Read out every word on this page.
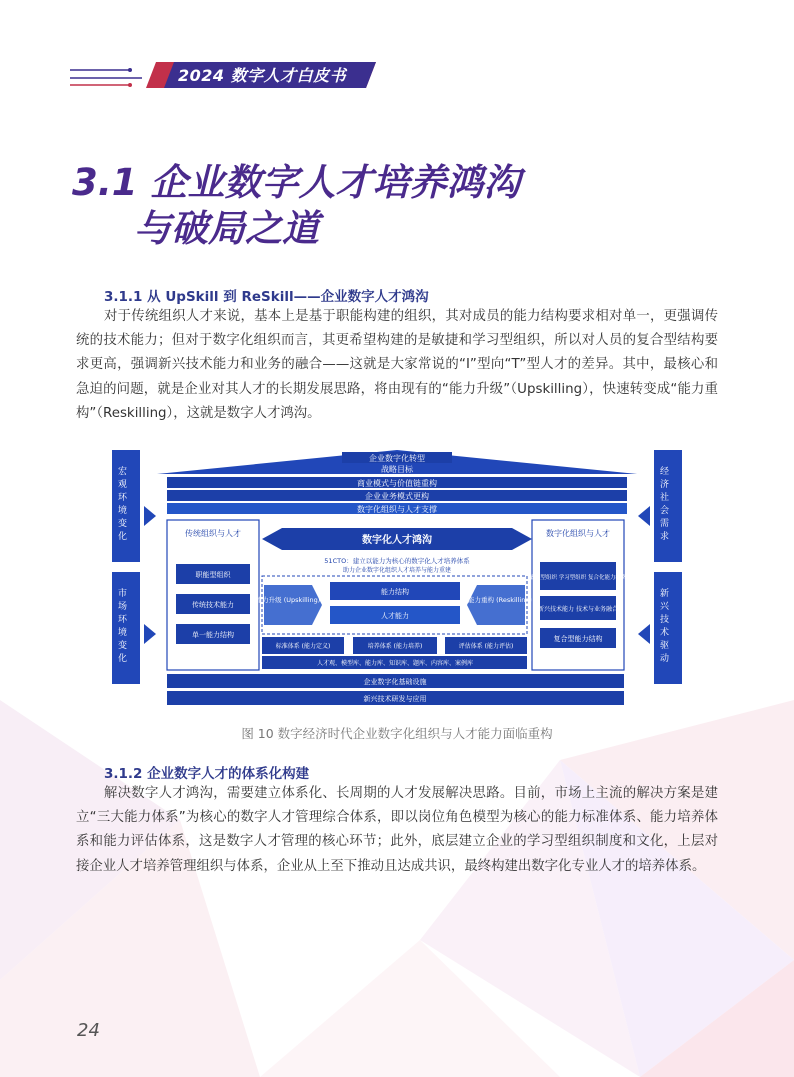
2024 数字人才白皮书
3.1 企业数字人才培养鸿沟
与破局之道
3.1.1 从 UpSkill 到 ReSkill——企业数字人才鸿沟

对于传统组织人才来说，基本上是基于职能构建的组织，其对成员的能力结构要求相对单一，更强调传统的技术能力；但对于数字化组织而言，其更希望构建的是敏捷和学习型组织，所以对人员的复合型结构要求更高，强调新兴技术能力和业务的融合——这就是大家常说的“I”型向“T”型人才的差异。其中，最核心和急迫的问题，就是企业对其人才的长期发展思路，将由现有的“能力升级”（Upskilling），快速转变成“能力重构”（Reskilling），这就是数字人才鸿沟。

企业数字化转型
战略目标
商业模式与价值链重构
企业业务模式更构
数字化组织与人才支撑
传统组织与人才
职能型组织
传统技术能力
单一能力结构
数字化组织与人才
敏捷型组织 学习型组织 复合化能力结构
新兴技术能力 技术与业务融合
复合型能力结构
数字化人才鸿沟
51CTO：建立以能力为核心的数字化人才培养体系
助力企业数字化组织人才培养与能力重建
能力升级 (Upskilling)	能力重构 (Reskilling)
能力结构
人才能力
标准体系 (能力定义)	培养体系 (能力培养)	评估体系 (能力评估)
人才观、模型库、能力库、知识库、题库、内容库、案例库
企业数字化基础设施
新兴技术研发与应用
宏观环境变化
市场环境变化
经济社会需求
新兴技术驱动
图 10 数字经济时代企业数字化组织与人才能力面临重构
3.1.2 企业数字人才的体系化构建

解决数字人才鸿沟，需要建立体系化、长周期的人才发展解决思路。目前，市场上主流的解决方案是建立“三大能力体系”为核心的数字人才管理综合体系，即以岗位角色模型为核心的能力标准体系、能力培养体系和能力评估体系，这是数字人才管理的核心环节；此外，底层建立企业的学习型组织制度和文化，上层对接企业人才培养管理组织与体系，企业从上至下推动且达成共识，最终构建出数字化专业人才的培养体系。

24
